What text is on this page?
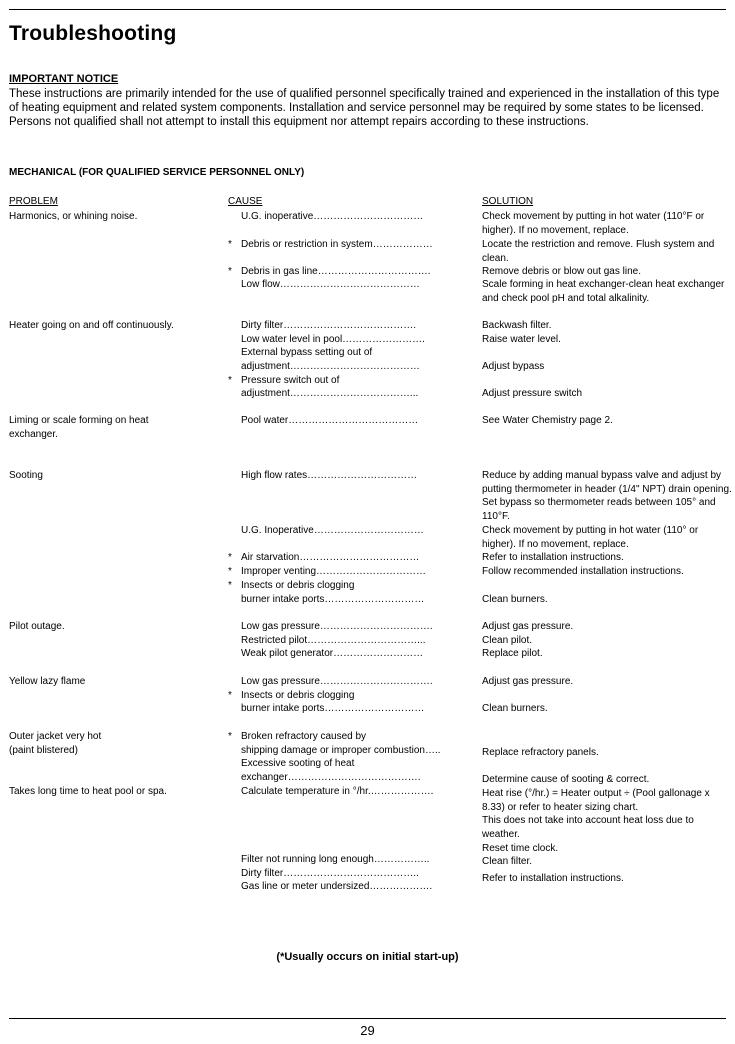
Troubleshooting
IMPORTANT NOTICE
These instructions are primarily intended for the use of qualified personnel specifically trained and experienced in the installation of this type of heating equipment and related system components. Installation and service personnel may be required by some states to be licensed. Persons not qualified shall not attempt to install this equipment nor attempt repairs according to these instructions.
MECHANICAL (FOR QUALIFIED SERVICE PERSONNEL ONLY)
PROBLEM	CAUSE	SOLUTION
Harmonics, or whining noise.
Heater going on and off continuously.
Liming or scale forming on heat
exchanger.
Sooting
Pilot outage.
Yellow lazy flame
Outer jacket very hot
(paint blistered)
Takes long time to heat pool or spa.
*
*
*
*
*
*
*
*
U.G. inoperative……………………………
Debris or restriction in system………………
Debris in gas line…………………………….
Low flow……………………………………
Dirty filter………………………………….
Low water level in pool…………………….
External bypass setting out of
adjustment…………………………………
Pressure switch out of
adjustment………………………………...
Pool water…………………………………
High flow rates……………………………
U.G. Inoperative……………………………
Air starvation………………………………
Improper venting……………………………
Insects or debris clogging
burner intake ports…………………………
Low gas pressure…………………………….
Restricted pilot……………………………...
Weak pilot generator………………………
Low gas pressure…………………………….
Insects or debris clogging
burner intake ports…………………………
Broken refractory caused by
shipping damage or improper combustion…..
Excessive sooting of heat
exchanger………………………………….
Calculate temperature in °/hr.……………….
Filter not running long enough……………..
Dirty filter…………………………………..
Gas line or meter undersized……………….
Check movement by putting in hot water (110°F or higher). If no movement, replace.
Locate the restriction and remove. Flush system and clean.
Remove debris or blow out gas line.
Scale forming in heat exchanger-clean heat exchanger and check pool pH and total alkalinity.
Backwash filter.
Raise water level.
Adjust bypass
Adjust pressure switch
See Water Chemistry page 2.
Reduce by adding manual bypass valve and adjust by putting thermometer in header (1/4" NPT) drain opening. Set bypass so thermometer reads between 105° and 110°F.
Check movement by putting in hot water (110° or higher). If no movement, replace.
Refer to installation instructions.
Follow recommended installation instructions.
Clean burners.
Adjust gas pressure.
Clean pilot.
Replace pilot.
Adjust gas pressure.
Clean burners.
Replace refractory panels.
Determine cause of sooting & correct.
Heat rise (°/hr.) = Heater output ÷ (Pool gallonage x 8.33) or refer to heater sizing chart.
This does not take into account heat loss due to weather.
Reset time clock.
Clean filter.
Refer to installation instructions.
(*Usually occurs on initial start-up)
29
